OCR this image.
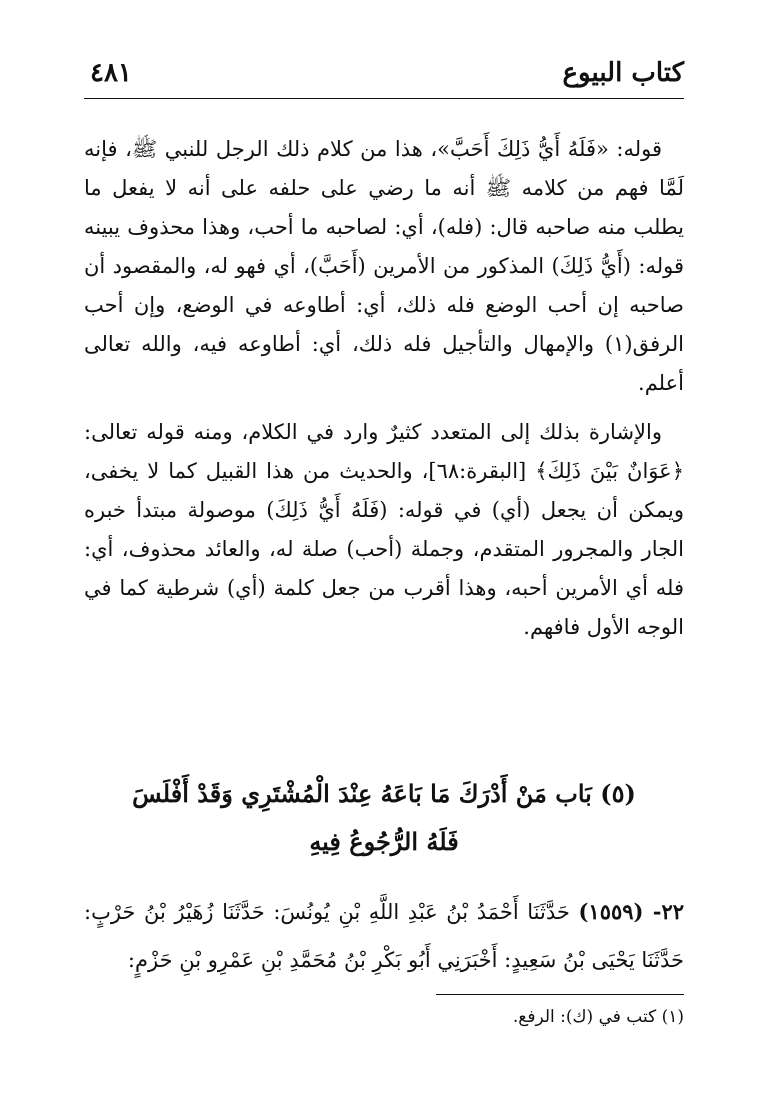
كتاب البيوع
٤٨١

قوله: «فَلَهُ أَيُّ ذَلِكَ أَحَبَّ»، هذا من كلام ذلك الرجل للنبي ﷺ، فإنه لَمَّا فهم من كلامه ﷺ أنه ما رضي على حلفه على أنه لا يفعل ما يطلب منه صاحبه قال: (فله)، أي: لصاحبه ما أحب، وهذا محذوف يبينه قوله: (أَيُّ ذَلِكَ) المذكور من الأمرين (أَحَبَّ)، أي فهو له، والمقصود أن صاحبه إن أحب الوضع فله ذلك، أي: أطاوعه في الوضع، وإن أحب الرفق(١) والإمهال والتأجيل فله ذلك، أي: أطاوعه فيه، والله تعالى أعلم.

والإشارة بذلك إلى المتعدد كثيرٌ وارد في الكلام، ومنه قوله تعالى: ﴿عَوَانٌ بَيْنَ ذَلِكَ﴾ [البقرة:٦٨]، والحديث من هذا القبيل كما لا يخفى، ويمكن أن يجعل (أي) في قوله: (فَلَهُ أَيُّ ذَلِكَ) موصولة مبتدأ خبره الجار والمجرور المتقدم، وجملة (أحب) صلة له، والعائد محذوف، أي: فله أي الأمرين أحبه، وهذا أقرب من جعل كلمة (أي) شرطية كما في الوجه الأول فافهم.

(٥) بَاب مَنْ أَدْرَكَ مَا بَاعَهُ عِنْدَ الْمُشْتَرِي وَقَدْ أَفْلَسَ
فَلَهُ الرُّجُوعُ فِيهِ
٢٢- (١٥٥٩) حَدَّثَنَا أَحْمَدُ بْنُ عَبْدِ اللَّهِ بْنِ يُونُسَ: حَدَّثَنَا زُهَيْرُ بْنُ حَرْبٍ: حَدَّثَنَا يَحْيَى بْنُ سَعِيدٍ: أَخْبَرَنِي أَبُو بَكْرِ بْنُ مُحَمَّدِ بْنِ عَمْرِو بْنِ حَزْمٍ:
(١) كتب في (ك): الرفع.
